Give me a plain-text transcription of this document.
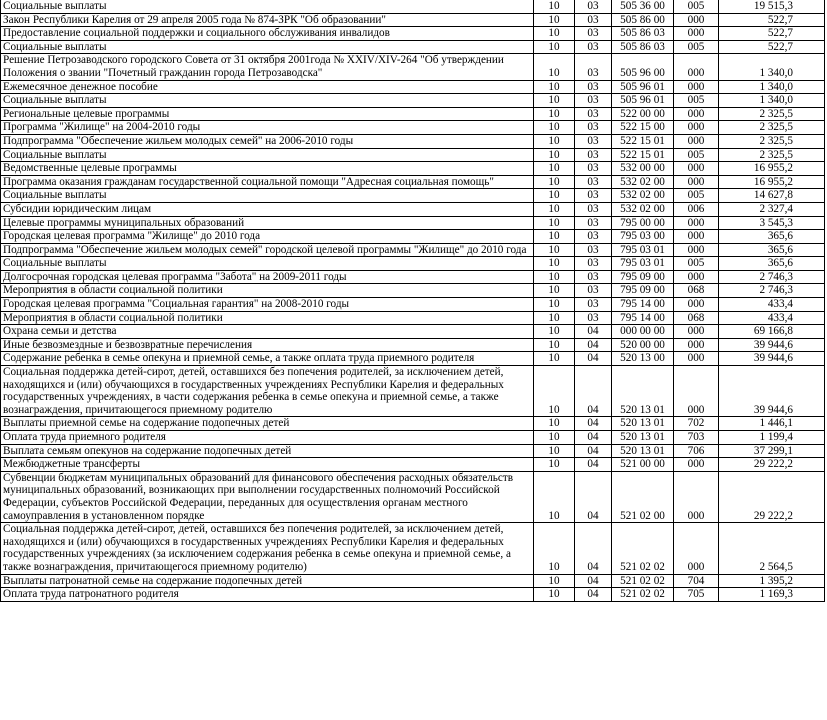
Социальные выплаты	10	03	505 36 00	005	19 515,3
Закон Республики Карелия от 29 апреля 2005 года № 874-ЗРК "Об образовании"	10	03	505 86 00	000	522,7
Предоставление социальной поддержки и социального обслуживания инвалидов	10	03	505 86 03	000	522,7
Социальные выплаты	10	03	505 86 03	005	522,7
Решение Петрозаводского городского Совета от 31 октября 2001года № XXIV/XIV-264 "Об утверждении Положения о звании "Почетный гражданин города Петрозаводска"	10	03	505 96 00	000	1 340,0
Ежемесячное денежное пособие	10	03	505 96 01	000	1 340,0
Социальные выплаты	10	03	505 96 01	005	1 340,0
Региональные целевые программы	10	03	522 00 00	000	2 325,5
Программа "Жилище" на 2004-2010 годы	10	03	522 15 00	000	2 325,5
Подпрограмма "Обеспечение жильем молодых семей" на 2006-2010 годы	10	03	522 15 01	000	2 325,5
Социальные выплаты	10	03	522 15 01	005	2 325,5
Ведомственные целевые программы	10	03	532 00 00	000	16 955,2
Программа оказания гражданам государственной социальной помощи "Адресная социальная помощь"	10	03	532 02 00	000	16 955,2
Социальные выплаты	10	03	532 02 00	005	14 627,8
Субсидии юридическим лицам	10	03	532 02 00	006	2 327,4
Целевые программы муниципальных образований	10	03	795 00 00	000	3 545,3
Городская целевая программа "Жилище" до 2010 года	10	03	795 03 00	000	365,6
Подпрограмма "Обеспечение жильем молодых семей" городской целевой программы "Жилище" до 2010 года	10	03	795 03 01	000	365,6
Социальные выплаты	10	03	795 03 01	005	365,6
Долгосрочная городская целевая программа "Забота" на 2009-2011 годы	10	03	795 09 00	000	2 746,3
Мероприятия в области социальной политики	10	03	795 09 00	068	2 746,3
Городская целевая программа "Социальная гарантия" на 2008-2010 годы	10	03	795 14 00	000	433,4
Мероприятия в области социальной политики	10	03	795 14 00	068	433,4
Охрана семьи и детства	10	04	000 00 00	000	69 166,8
Иные безвозмездные и безвозвратные перечисления	10	04	520 00 00	000	39 944,6
Содержание ребенка в семье опекуна и приемной семье, а также оплата труда приемного родителя	10	04	520 13 00	000	39 944,6
Социальная поддержка детей-сирот, детей, оставшихся без попечения родителей, за исключением детей, находящихся и (или) обучающихся в государственных учреждениях Республики Карелия и федеральных государственных учреждениях, в части содержания ребенка в семье опекуна и приемной семье, а также вознаграждения, причитающегося приемному родителю	10	04	520 13 01	000	39 944,6
Выплаты приемной семье на содержание подопечных детей	10	04	520 13 01	702	1 446,1
Оплата труда приемного родителя	10	04	520 13 01	703	1 199,4
Выплата семьям опекунов на содержание подопечных детей	10	04	520 13 01	706	37 299,1
Межбюджетные трансферты	10	04	521 00 00	000	29 222,2
Субвенции бюджетам муниципальных образований для финансового обеспечения расходных обязательств муниципальных образований, возникающих при выполнении государственных полномочий Российской Федерации, субъектов Российской Федерации, переданных для осуществления органам местного самоуправления в установленном порядке	10	04	521 02 00	000	29 222,2
Социальная поддержка детей-сирот, детей, оставшихся без попечения родителей, за исключением детей, находящихся и (или) обучающихся в государственных учреждениях Республики Карелия и федеральных государственных учреждениях (за исключением содержания ребенка в семье опекуна и приемной семье, а также вознаграждения, причитающегося приемному родителю)	10	04	521 02 02	000	2 564,5
Выплаты патронатной семье на содержание подопечных детей	10	04	521 02 02	704	1 395,2
Оплата труда патронатного родителя	10	04	521 02 02	705	1 169,3
